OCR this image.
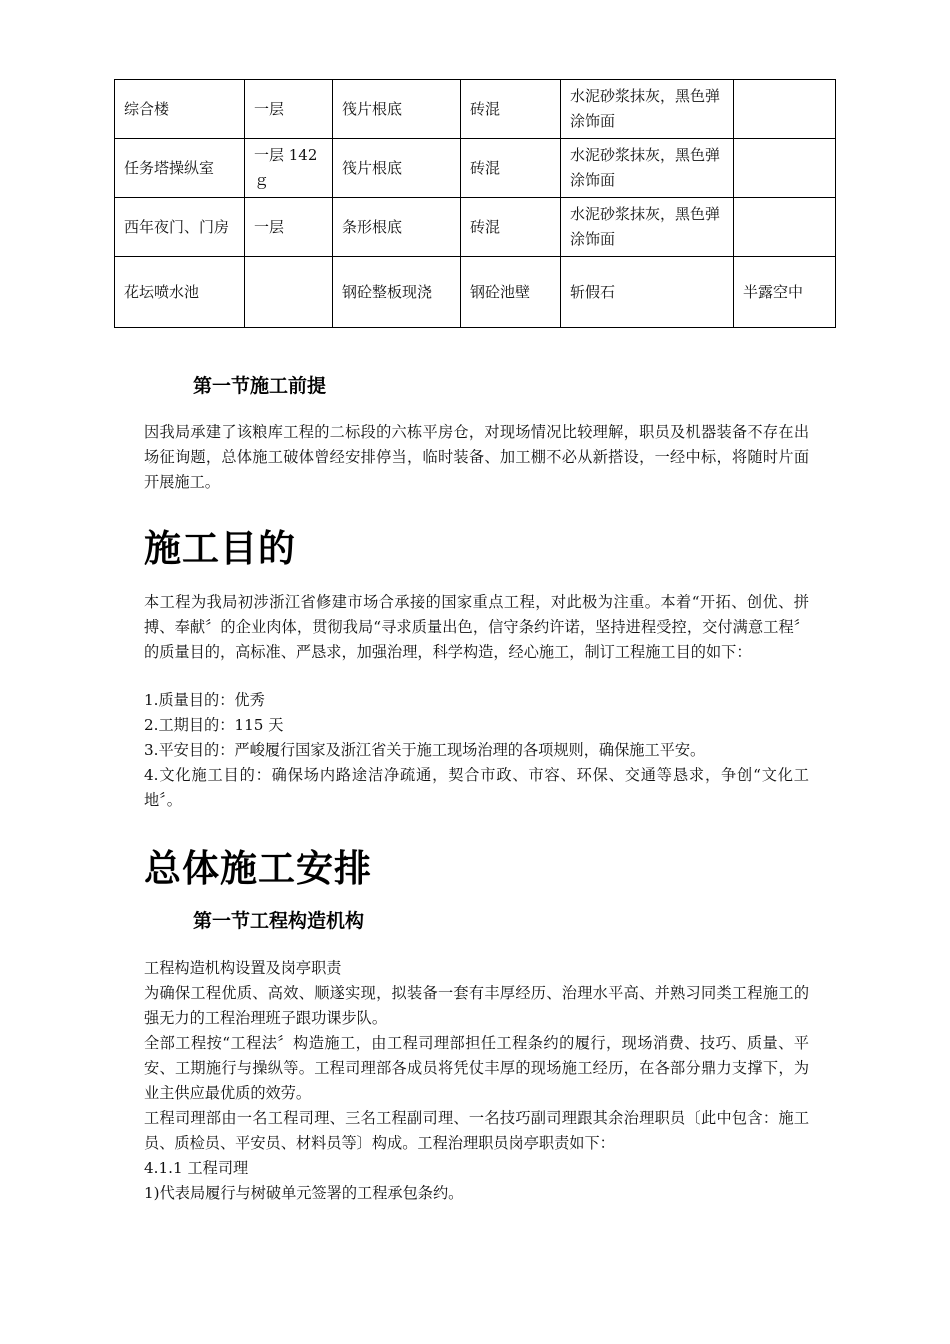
综合楼	一层	筏片根底	砖混	水泥砂浆抹灰，黑色弹涂饰面	
任务塔操纵室	一层 142ｇ	筏片根底	砖混	水泥砂浆抹灰，黑色弹涂饰面	
西年夜门、门房	一层	条形根底	砖混	水泥砂浆抹灰，黑色弹涂饰面	
花坛喷水池		钢砼整板现浇	钢砼池壁	斩假石	半露空中
第一节施工前提

因我局承建了该粮库工程的二标段的六栋平房仓，对现场情况比较理解，职员及机器装备不存在出场征询题，总体施工破体曾经安排停当，临时装备、加工棚不必从新搭设，一经中标，将随时片面开展施工。

施工目的

本工程为我局初涉浙江省修建市场合承接的国家重点工程，对此极为注重。本着“开拓、创优、拼搏、奉献〞的企业肉体，贯彻我局“寻求质量出色，信守条约许诺，坚持进程受控，交付满意工程〞的质量目的，高标准、严恳求，加强治理，科学构造，经心施工，制订工程施工目的如下：

1.质量目的：优秀

2.工期目的：115 天

3.平安目的：严峻履行国家及浙江省关于施工现场治理的各项规则，确保施工平安。

4.文化施工目的：确保场内路途洁净疏通，契合市政、市容、环保、交通等恳求，争创“文化工地〞。

总体施工安排
第一节工程构造机构

工程构造机构设置及岗亭职责

为确保工程优质、高效、顺遂实现，拟装备一套有丰厚经历、治理水平高、并熟习同类工程施工的强无力的工程治理班子跟功课步队。

全部工程按“工程法〞构造施工，由工程司理部担任工程条约的履行，现场消费、技巧、质量、平安、工期施行与操纵等。工程司理部各成员将凭仗丰厚的现场施工经历，在各部分鼎力支撑下，为业主供应最优质的效劳。

工程司理部由一名工程司理、三名工程副司理、一名技巧副司理跟其余治理职员〔此中包含：施工员、质检员、平安员、材料员等〕构成。工程治理职员岗亭职责如下：

4.1.1 工程司理

1)代表局履行与树破单元签署的工程承包条约。
